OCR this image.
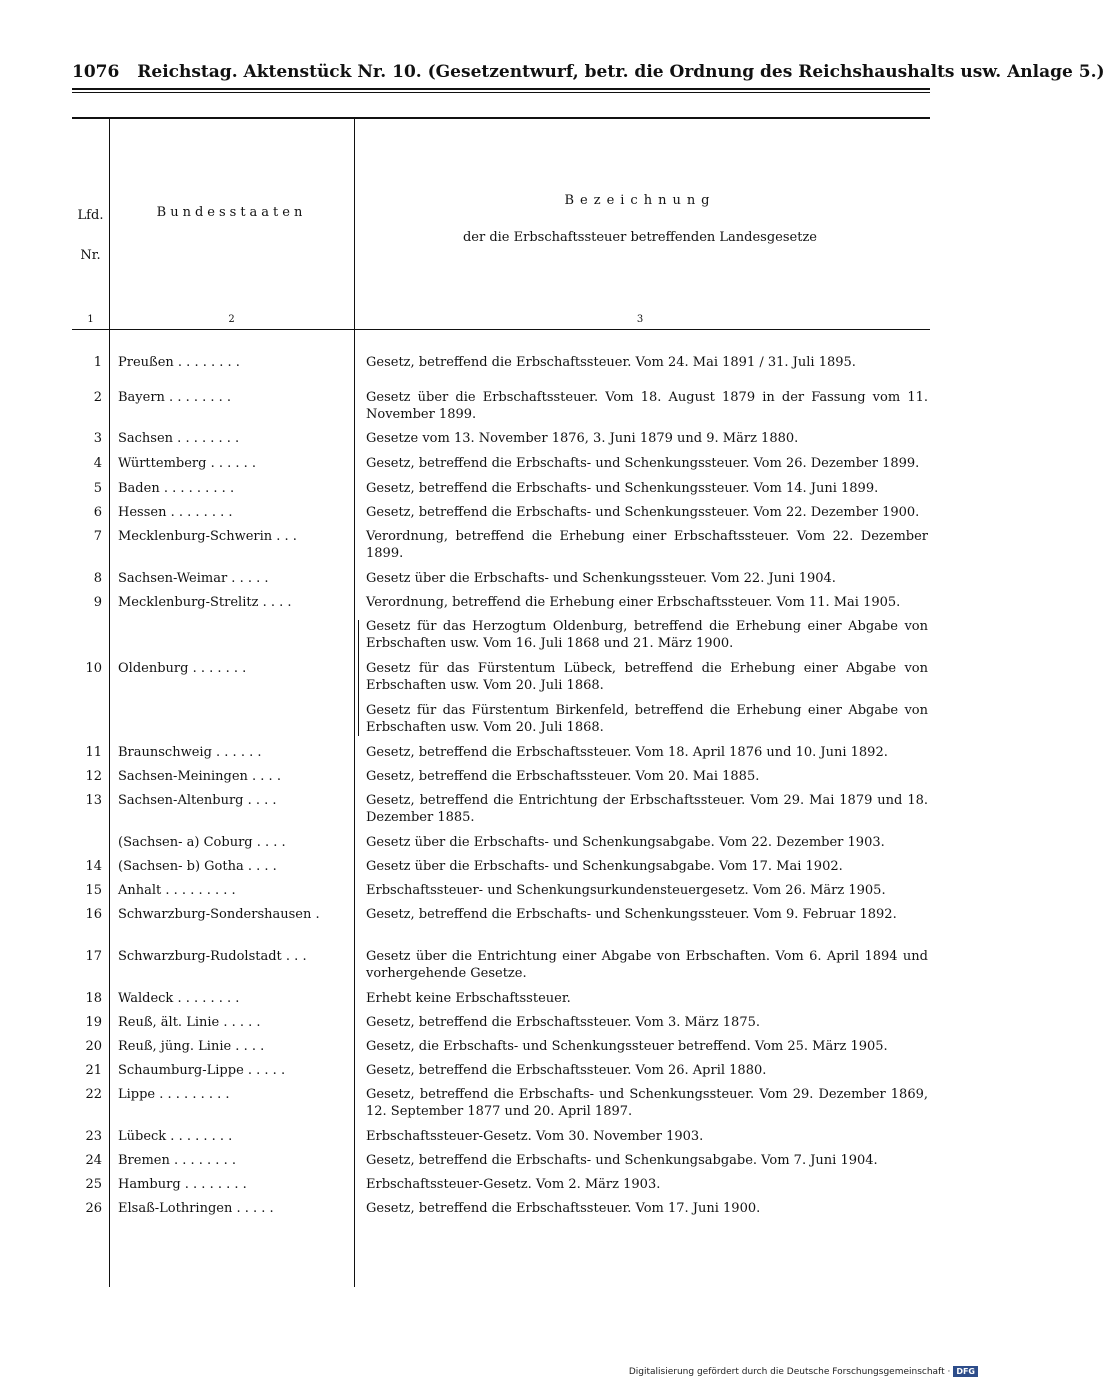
1076 Reichstag. Aktenstück Nr. 10. (Gesetzentwurf, betr. die Ordnung des Reichshaushalts usw. Anlage 5.)
Lfd. Nr.
Bundesstaaten
Bezeichnung
der die Erbschaftssteuer betreffenden Landesgesetze
1	2	3
1 Preußen . . . . . . . .	Gesetz, betreffend die Erbschaftssteuer. Vom 24. Mai 1891 / 31. Juli 1895.
2 Bayern . . . . . . . .	Gesetz über die Erbschaftssteuer. Vom 18. August 1879 in der Fassung vom 11. November 1899.
3 Sachsen . . . . . . . .	Gesetze vom 13. November 1876, 3. Juni 1879 und 9. März 1880.
4 Württemberg . . . . . .	Gesetz, betreffend die Erbschafts- und Schenkungssteuer. Vom 26. Dezember 1899.
5 Baden . . . . . . . . .	Gesetz, betreffend die Erbschafts- und Schenkungssteuer. Vom 14. Juni 1899.
6 Hessen . . . . . . . .	Gesetz, betreffend die Erbschafts- und Schenkungssteuer. Vom 22. Dezember 1900.
7 Mecklenburg-Schwerin . . .	Verordnung, betreffend die Erhebung einer Erbschaftssteuer. Vom 22. Dezember 1899.
8 Sachsen-Weimar . . . . .	Gesetz über die Erbschafts- und Schenkungssteuer. Vom 22. Juni 1904.
9 Mecklenburg-Strelitz . . . .	Verordnung, betreffend die Erhebung einer Erbschaftssteuer. Vom 11. Mai 1905.
Gesetz für das Herzogtum Oldenburg, betreffend die Erhebung einer Abgabe von Erbschaften usw. Vom 16. Juli 1868 und 21. März 1900.
10 Oldenburg . . . . . . .	Gesetz für das Fürstentum Lübeck, betreffend die Erhebung einer Abgabe von Erbschaften usw. Vom 20. Juli 1868.
Gesetz für das Fürstentum Birkenfeld, betreffend die Erhebung einer Abgabe von Erbschaften usw. Vom 20. Juli 1868.
11 Braunschweig . . . . . .	Gesetz, betreffend die Erbschaftssteuer. Vom 18. April 1876 und 10. Juni 1892.
12 Sachsen-Meiningen . . . .	Gesetz, betreffend die Erbschaftssteuer. Vom 20. Mai 1885.
13 Sachsen-Altenburg . . . .	Gesetz, betreffend die Entrichtung der Erbschaftssteuer. Vom 29. Mai 1879 und 18. Dezember 1885.
(Sachsen- a) Coburg . . . .	Gesetz über die Erbschafts- und Schenkungsabgabe. Vom 22. Dezember 1903.
14 (Sachsen- b) Gotha . . . .	Gesetz über die Erbschafts- und Schenkungsabgabe. Vom 17. Mai 1902.
15 Anhalt . . . . . . . . .	Erbschaftssteuer- und Schenkungsurkundensteuergesetz. Vom 26. März 1905.
16 Schwarzburg-Sondershausen .	Gesetz, betreffend die Erbschafts- und Schenkungssteuer. Vom 9. Februar 1892.
17 Schwarzburg-Rudolstadt . . .	Gesetz über die Entrichtung einer Abgabe von Erbschaften. Vom 6. April 1894 und vorhergehende Gesetze.
18 Waldeck . . . . . . . .	Erhebt keine Erbschaftssteuer.
19 Reuß, ält. Linie . . . . .	Gesetz, betreffend die Erbschaftssteuer. Vom 3. März 1875.
20 Reuß, jüng. Linie . . . .	Gesetz, die Erbschafts- und Schenkungssteuer betreffend. Vom 25. März 1905.
21 Schaumburg-Lippe . . . . .	Gesetz, betreffend die Erbschaftssteuer. Vom 26. April 1880.
22 Lippe . . . . . . . . .	Gesetz, betreffend die Erbschafts- und Schenkungssteuer. Vom 29. Dezember 1869, 12. September 1877 und 20. April 1897.
23 Lübeck . . . . . . . .	Erbschaftssteuer-Gesetz. Vom 30. November 1903.
24 Bremen . . . . . . . .	Gesetz, betreffend die Erbschafts- und Schenkungsabgabe. Vom 7. Juni 1904.
25 Hamburg . . . . . . . .	Erbschaftssteuer-Gesetz. Vom 2. März 1903.
26 Elsaß-Lothringen . . . . .	Gesetz, betreffend die Erbschaftssteuer. Vom 17. Juni 1900.
Digitalisierung gefördert durch die Deutsche Forschungsgemeinschaft · DFG
